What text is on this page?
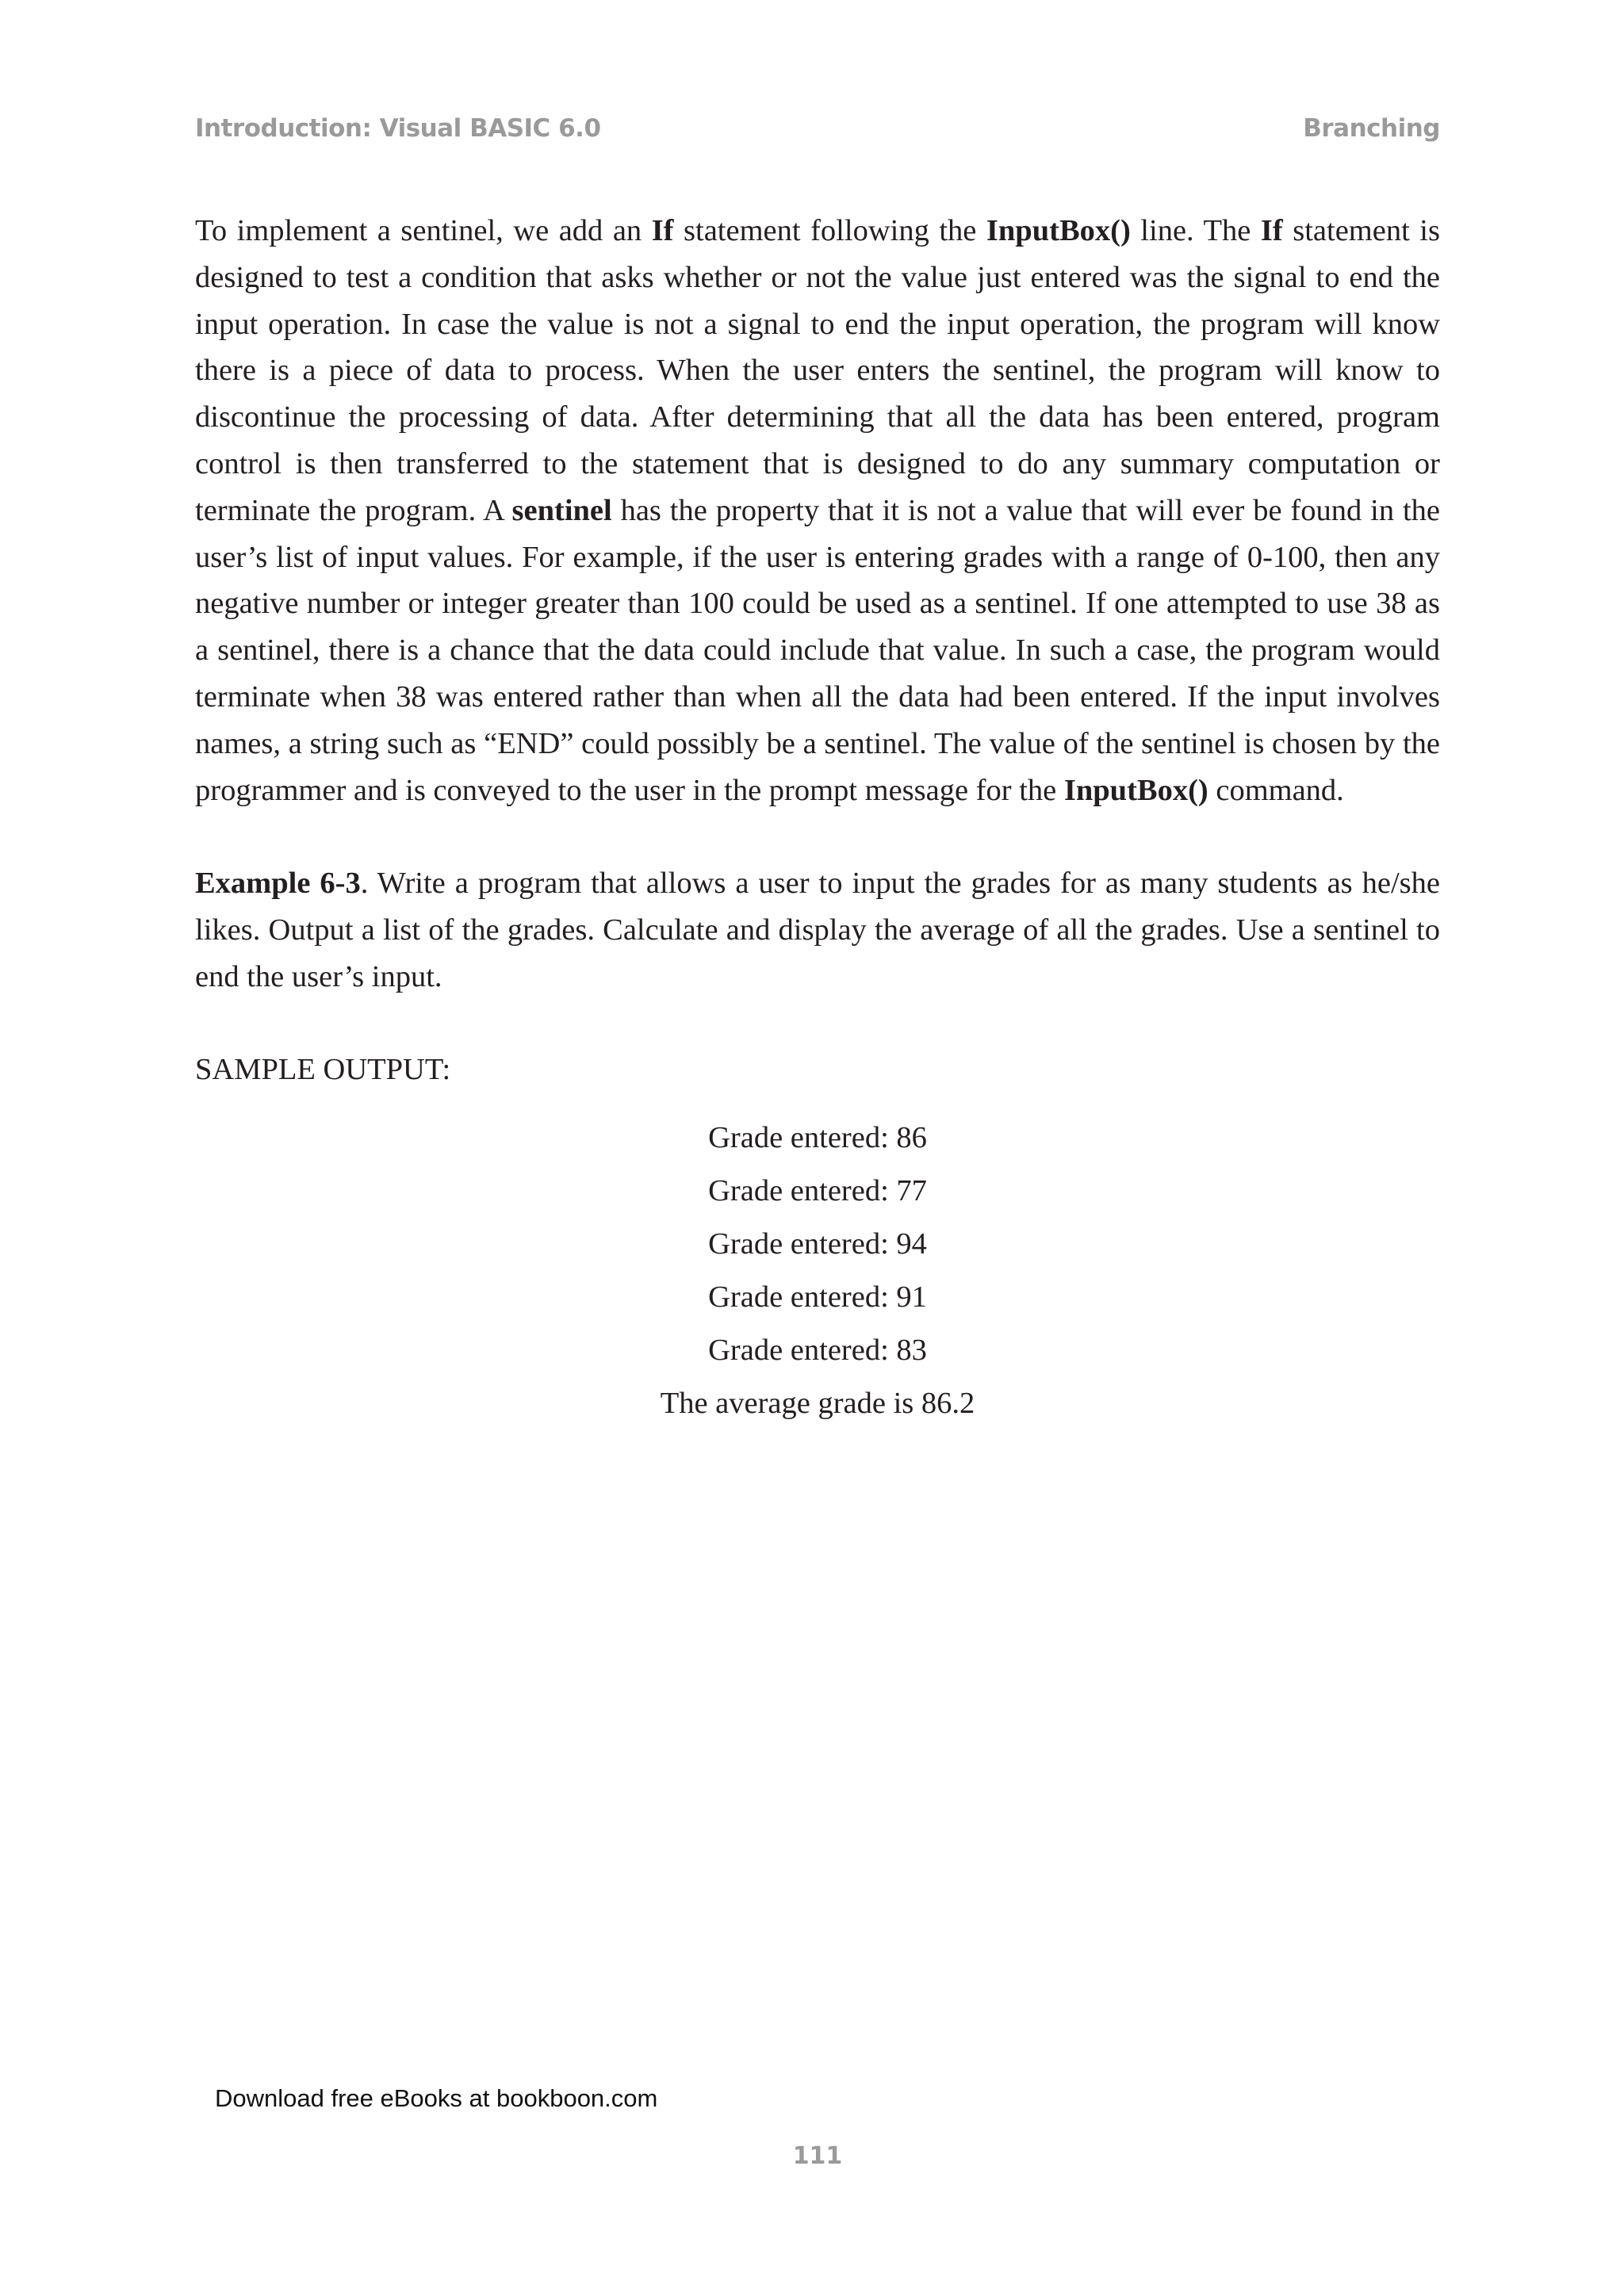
Introduction: Visual BASIC 6.0	Branching

To implement a sentinel, we add an If statement following the InputBox() line. The If statement is designed to test a condition that asks whether or not the value just entered was the signal to end the input operation. In case the value is not a signal to end the input operation, the program will know there is a piece of data to process. When the user enters the sentinel, the program will know to discontinue the processing of data. After determining that all the data has been entered, program control is then transferred to the statement that is designed to do any summary computation or terminate the program. A sentinel has the property that it is not a value that will ever be found in the user’s list of input values. For example, if the user is entering grades with a range of 0-100, then any negative number or integer greater than 100 could be used as a sentinel. If one attempted to use 38 as a sentinel, there is a chance that the data could include that value. In such a case, the program would terminate when 38 was entered rather than when all the data had been entered. If the input involves names, a string such as “END” could possibly be a sentinel. The value of the sentinel is chosen by the programmer and is conveyed to the user in the prompt message for the InputBox() command.

Example 6-3. Write a program that allows a user to input the grades for as many students as he/she likes. Output a list of the grades. Calculate and display the average of all the grades. Use a sentinel to end the user’s input.

SAMPLE OUTPUT:

Grade entered: 86
Grade entered: 77
Grade entered: 94
Grade entered: 91
Grade entered: 83
The average grade is 86.2
Download free eBooks at bookboon.com
111
